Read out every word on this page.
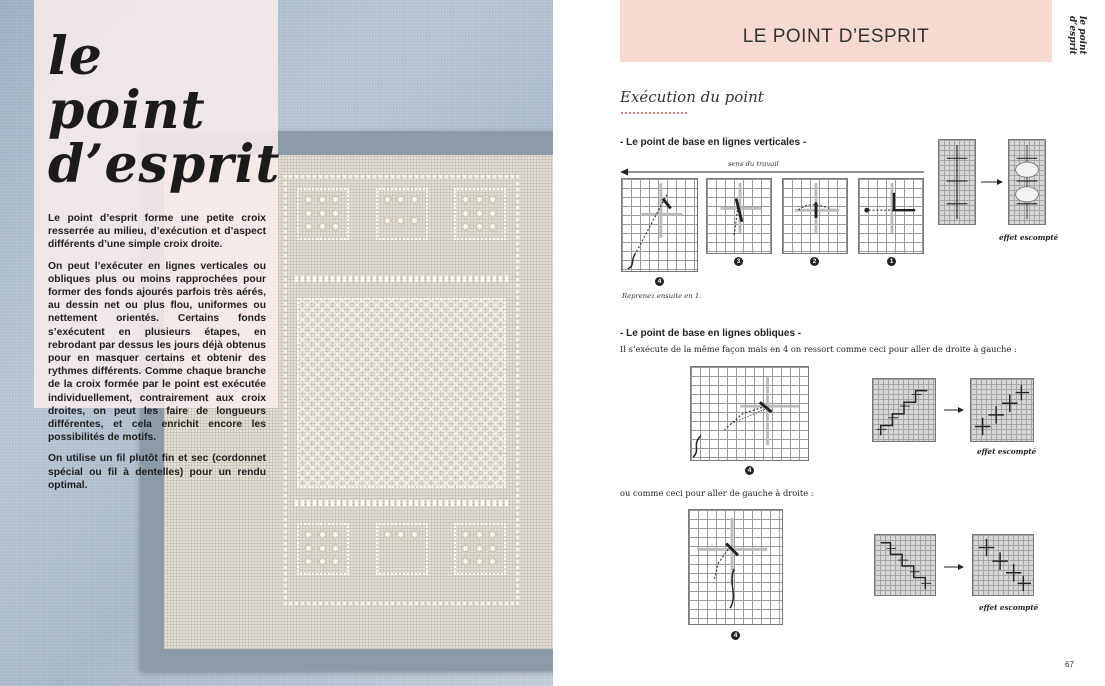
le point
d’esprit

Le point d’esprit forme une petite croix resserrée au milieu, d’exécution et d’aspect différents d’une simple croix droite.

On peut l’exécuter en lignes verticales ou obliques plus ou moins rapprochées pour former des fonds ajourés parfois très aérés, au dessin net ou plus flou, uniformes ou nettement orientés. Certains fonds s’exécutent en plusieurs étapes, en rebrodant par dessus les jours déjà obtenus pour en masquer certains et obtenir des rythmes différents. Comme chaque branche de la croix formée par le point est exécutée individuellement, contrairement aux croix droites, on peut les faire de longueurs différentes, et cela enrichit encore les possibilités de motifs.

On utilise un fil plutôt fin et sec (cordonnet spécial ou fil à dentelles) pour un rendu optimal.

LE POINT D’ESPRIT	le point d’esprit
Exécution du point
- Le point de base en lignes verticales -
sens du travail
4
3	2	1
Reprenez ensuite en 1.
effet escompté
- Le point de base en lignes obliques -
Il s’exécute de la même façon mais en 4 on ressort comme ceci pour aller de droite à gauche :
4
effet escompté
ou comme ceci pour aller de gauche à droite :
4
effet escompté
67
